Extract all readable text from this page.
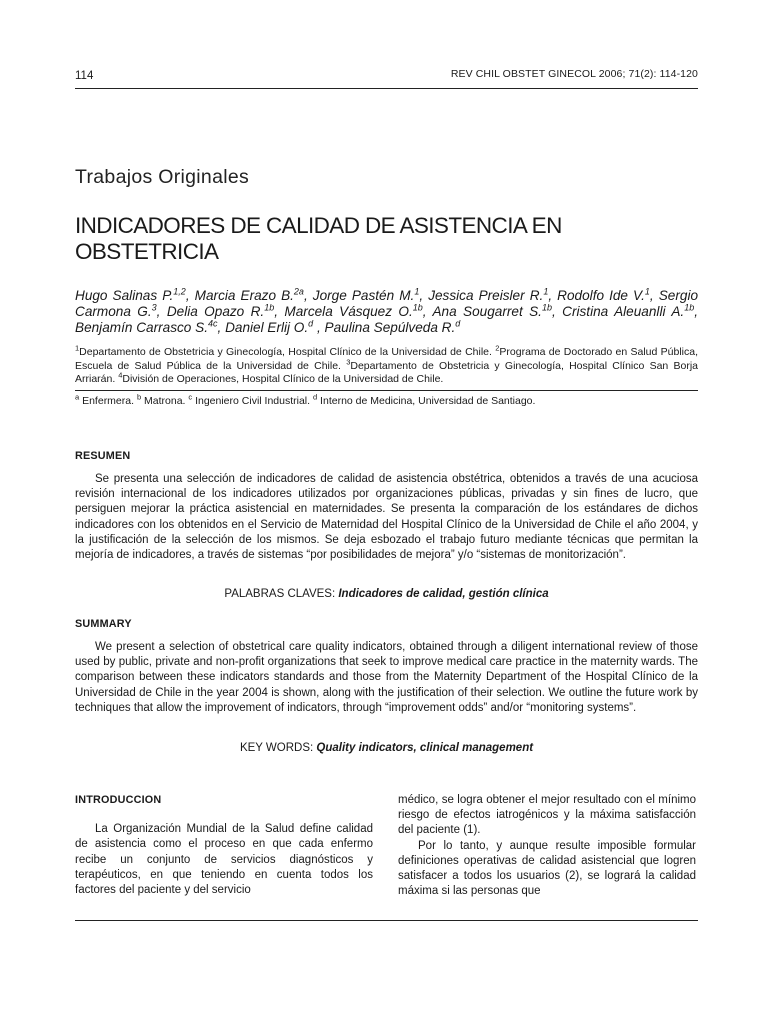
114	REV CHIL OBSTET GINECOL 2006; 71(2): 114-120
Trabajos Originales
INDICADORES DE CALIDAD DE ASISTENCIA EN OBSTETRICIA

Hugo Salinas P.$^{1,2}$, Marcia Erazo B.$^{2a}$, Jorge Pastén M.$^1$, Jessica Preisler R.$^1$, Rodolfo Ide V.$^1$, Sergio Carmona G.$^3$, Delia Opazo R.$^{1b}$, Marcela Vásquez O.$^{1b}$, Ana Sougarret S.$^{1b}$, Cristina Aleuanlli A.$^{1b}$, Benjamín Carrasco S.$^{4c}$, Daniel Erlij O.$^d$ , Paulina Sepúlveda R.$^d$

$^1$Departamento de Obstetricia y Ginecología, Hospital Clínico de la Universidad de Chile. $^2$Programa de Doctorado en Salud Pública, Escuela de Salud Pública de la Universidad de Chile. $^3$Departamento de Obstetricia y Ginecología, Hospital Clínico San Borja Arriarán. $^4$División de Operaciones, Hospital Clínico de la Universidad de Chile.

$^a$ Enfermera. $^b$ Matrona. $^c$ Ingeniero Civil Industrial. $^d$ Interno de Medicina, Universidad de Santiago.

RESUMEN

Se presenta una selección de indicadores de calidad de asistencia obstétrica, obtenidos a través de una acuciosa revisión internacional de los indicadores utilizados por organizaciones públicas, privadas y sin fines de lucro, que persiguen mejorar la práctica asistencial en maternidades. Se presenta la comparación de los estándares de dichos indicadores con los obtenidos en el Servicio de Maternidad del Hospital Clínico de la Universidad de Chile el año 2004, y la justificación de la selección de los mismos. Se deja esbozado el trabajo futuro mediante técnicas que permitan la mejoría de indicadores, a través de sistemas “por posibilidades de mejora” y/o “sistemas de monitorización”.

PALABRAS CLAVES: Indicadores de calidad, gestión clínica

SUMMARY

We present a selection of obstetrical care quality indicators, obtained through a diligent international review of those used by public, private and non-profit organizations that seek to improve medical care practice in the maternity wards. The comparison between these indicators standards and those from the Maternity Department of the Hospital Clínico de la Universidad de Chile in the year 2004 is shown, along with the justification of their selection. We outline the future work by techniques that allow the improvement of indicators, through “improvement odds” and/or “monitoring systems”.

KEY WORDS: Quality indicators, clinical management

INTRODUCCION

La Organización Mundial de la Salud define calidad de asistencia como el proceso en que cada enfermo recibe un conjunto de servicios diagnósticos y terapéuticos, en que teniendo en cuenta todos los factores del paciente y del servicio

médico, se logra obtener el mejor resultado con el mínimo riesgo de efectos iatrogénicos y la máxima satisfacción del paciente (1).

Por lo tanto, y aunque resulte imposible formular definiciones operativas de calidad asistencial que logren satisfacer a todos los usuarios (2), se logrará la calidad máxima si las personas que
